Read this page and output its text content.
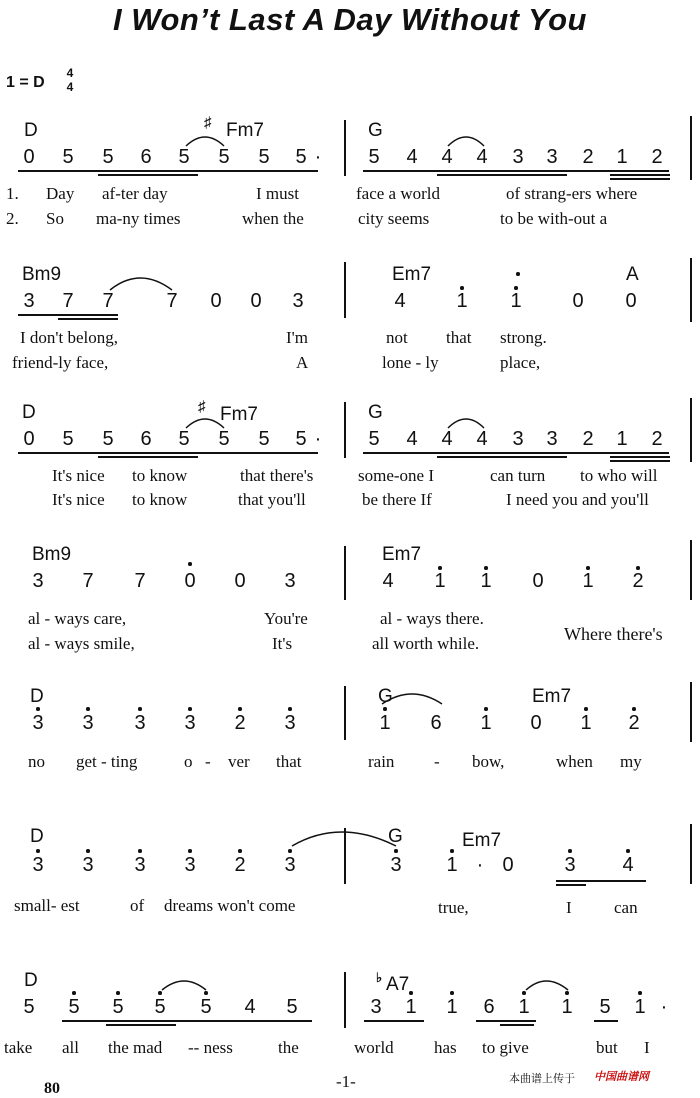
I Won’t Last A Day Without You
1 = D
4
4
D	♯ Fm7	G
0 5 5 6 5 5 5 5 ·	5 4 4 4 3 3 2 1 2
1. Day af-ter day	I must	face a world	of strang-ers where
2. So ma-ny times	when the	city seems	to be with-out a
Bm9	Em7	A
3 7 7	7 0 0 3	4	1 1	0 0
I don't belong,	I'm	not that strong.
friend-ly face,	A	lone - ly	place,
D	♯ Fm7	G
0 5 5 6 5 5 5 5 ·	5 4 4 4 3 3 2 1 2
It's nice to know	that there's	some-one I	can turn to who will
It's nice to know	that you'll	be there If	I need you and you'll
Bm9	Em7
3 7 7 0 0 3	4 1 1 0 1 2
al - ways care,	You're	al - ways there.
al - ways smile,	It's	all worth while.	Where there's
D	G	Em7
3 3 3 3 2 3	1 6 1 0 1 2
no get - ting	o - ver that	rain - bow,	when my
D	G	Em7
3 3 3 3 2 3	3 1 · 0	3 4
small- est	of dreams won't come	true,	I can
D	♭ A7
5 5 5 5 5 4 5	3 1 1 6 1 1 5 1 ·
take all the mad -- ness	the	world has to give	but I
80	-1-	本曲谱上传于 中国曲谱网
